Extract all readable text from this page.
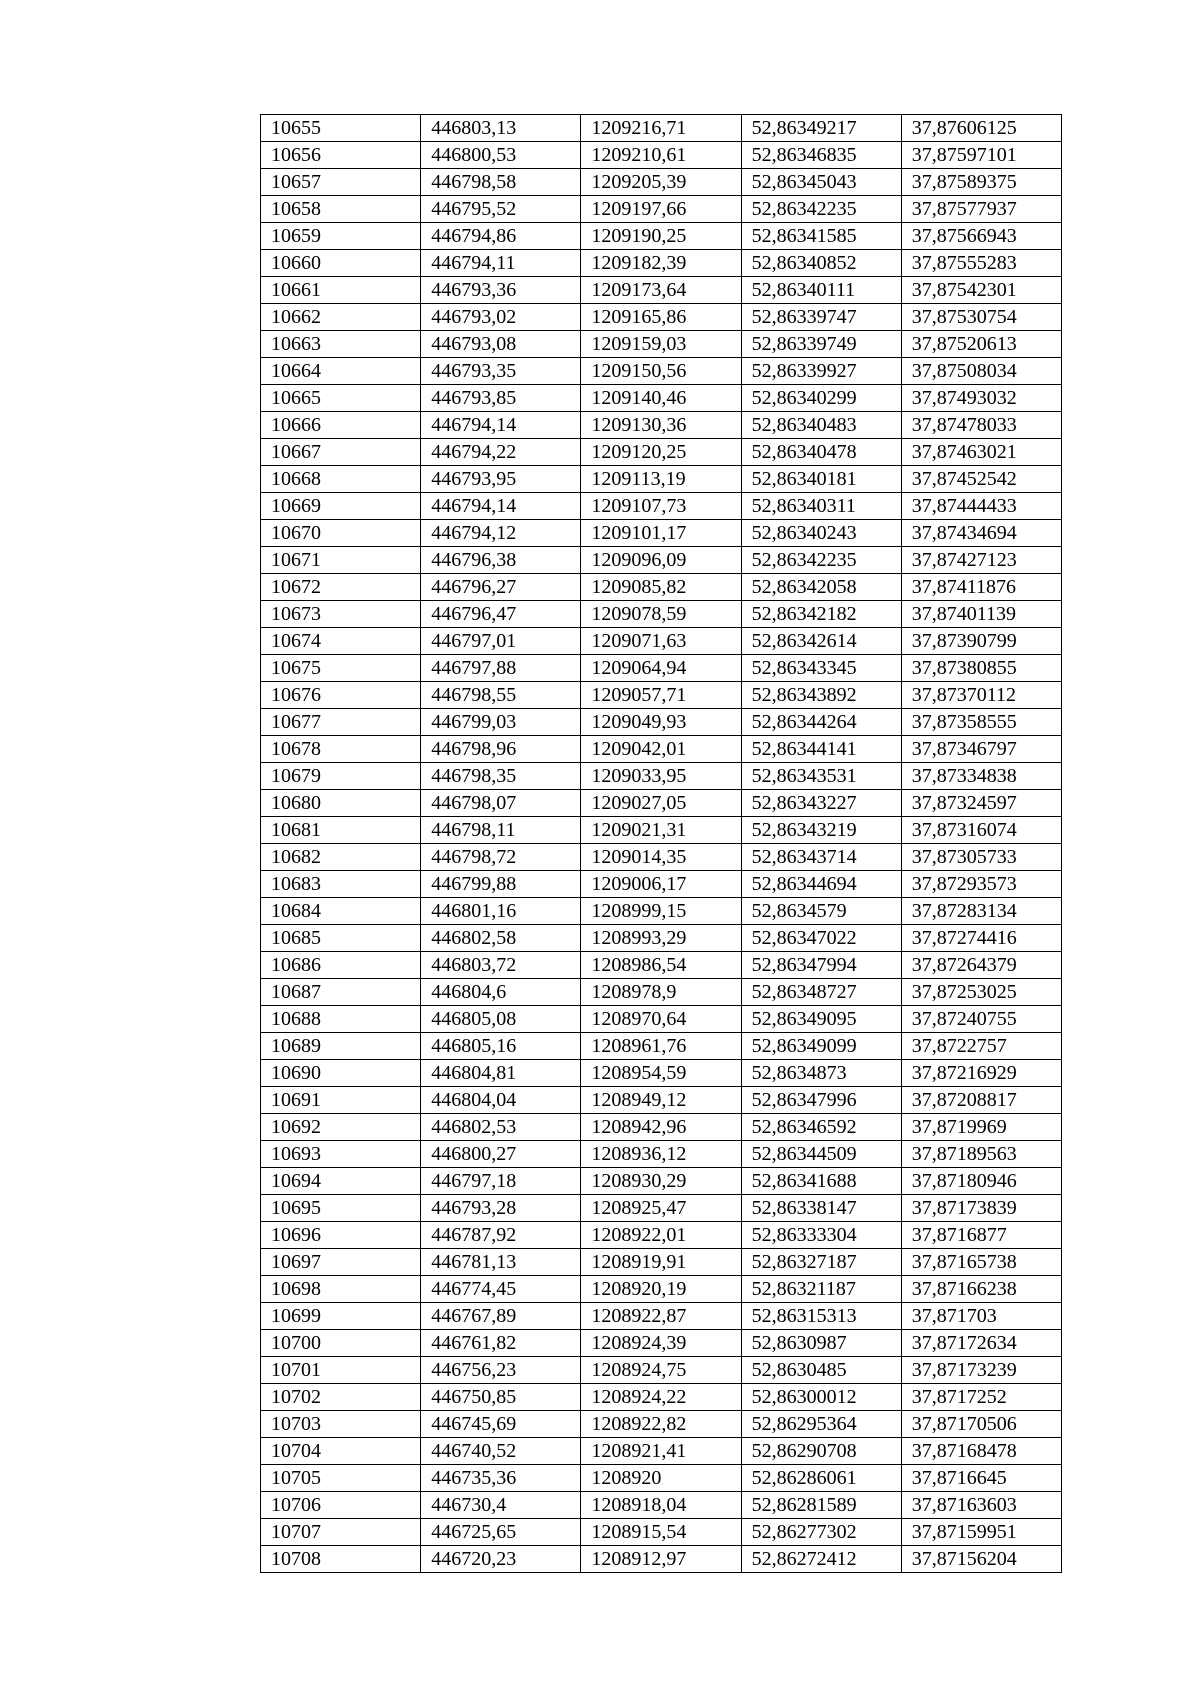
10655	446803,13	1209216,71	52,86349217	37,87606125
10656	446800,53	1209210,61	52,86346835	37,87597101
10657	446798,58	1209205,39	52,86345043	37,87589375
10658	446795,52	1209197,66	52,86342235	37,87577937
10659	446794,86	1209190,25	52,86341585	37,87566943
10660	446794,11	1209182,39	52,86340852	37,87555283
10661	446793,36	1209173,64	52,86340111	37,87542301
10662	446793,02	1209165,86	52,86339747	37,87530754
10663	446793,08	1209159,03	52,86339749	37,87520613
10664	446793,35	1209150,56	52,86339927	37,87508034
10665	446793,85	1209140,46	52,86340299	37,87493032
10666	446794,14	1209130,36	52,86340483	37,87478033
10667	446794,22	1209120,25	52,86340478	37,87463021
10668	446793,95	1209113,19	52,86340181	37,87452542
10669	446794,14	1209107,73	52,86340311	37,87444433
10670	446794,12	1209101,17	52,86340243	37,87434694
10671	446796,38	1209096,09	52,86342235	37,87427123
10672	446796,27	1209085,82	52,86342058	37,87411876
10673	446796,47	1209078,59	52,86342182	37,87401139
10674	446797,01	1209071,63	52,86342614	37,87390799
10675	446797,88	1209064,94	52,86343345	37,87380855
10676	446798,55	1209057,71	52,86343892	37,87370112
10677	446799,03	1209049,93	52,86344264	37,87358555
10678	446798,96	1209042,01	52,86344141	37,87346797
10679	446798,35	1209033,95	52,86343531	37,87334838
10680	446798,07	1209027,05	52,86343227	37,87324597
10681	446798,11	1209021,31	52,86343219	37,87316074
10682	446798,72	1209014,35	52,86343714	37,87305733
10683	446799,88	1209006,17	52,86344694	37,87293573
10684	446801,16	1208999,15	52,8634579	37,87283134
10685	446802,58	1208993,29	52,86347022	37,87274416
10686	446803,72	1208986,54	52,86347994	37,87264379
10687	446804,6	1208978,9	52,86348727	37,87253025
10688	446805,08	1208970,64	52,86349095	37,87240755
10689	446805,16	1208961,76	52,86349099	37,8722757
10690	446804,81	1208954,59	52,8634873	37,87216929
10691	446804,04	1208949,12	52,86347996	37,87208817
10692	446802,53	1208942,96	52,86346592	37,8719969
10693	446800,27	1208936,12	52,86344509	37,87189563
10694	446797,18	1208930,29	52,86341688	37,87180946
10695	446793,28	1208925,47	52,86338147	37,87173839
10696	446787,92	1208922,01	52,86333304	37,8716877
10697	446781,13	1208919,91	52,86327187	37,87165738
10698	446774,45	1208920,19	52,86321187	37,87166238
10699	446767,89	1208922,87	52,86315313	37,871703
10700	446761,82	1208924,39	52,8630987	37,87172634
10701	446756,23	1208924,75	52,8630485	37,87173239
10702	446750,85	1208924,22	52,86300012	37,8717252
10703	446745,69	1208922,82	52,86295364	37,87170506
10704	446740,52	1208921,41	52,86290708	37,87168478
10705	446735,36	1208920	52,86286061	37,8716645
10706	446730,4	1208918,04	52,86281589	37,87163603
10707	446725,65	1208915,54	52,86277302	37,87159951
10708	446720,23	1208912,97	52,86272412	37,87156204
